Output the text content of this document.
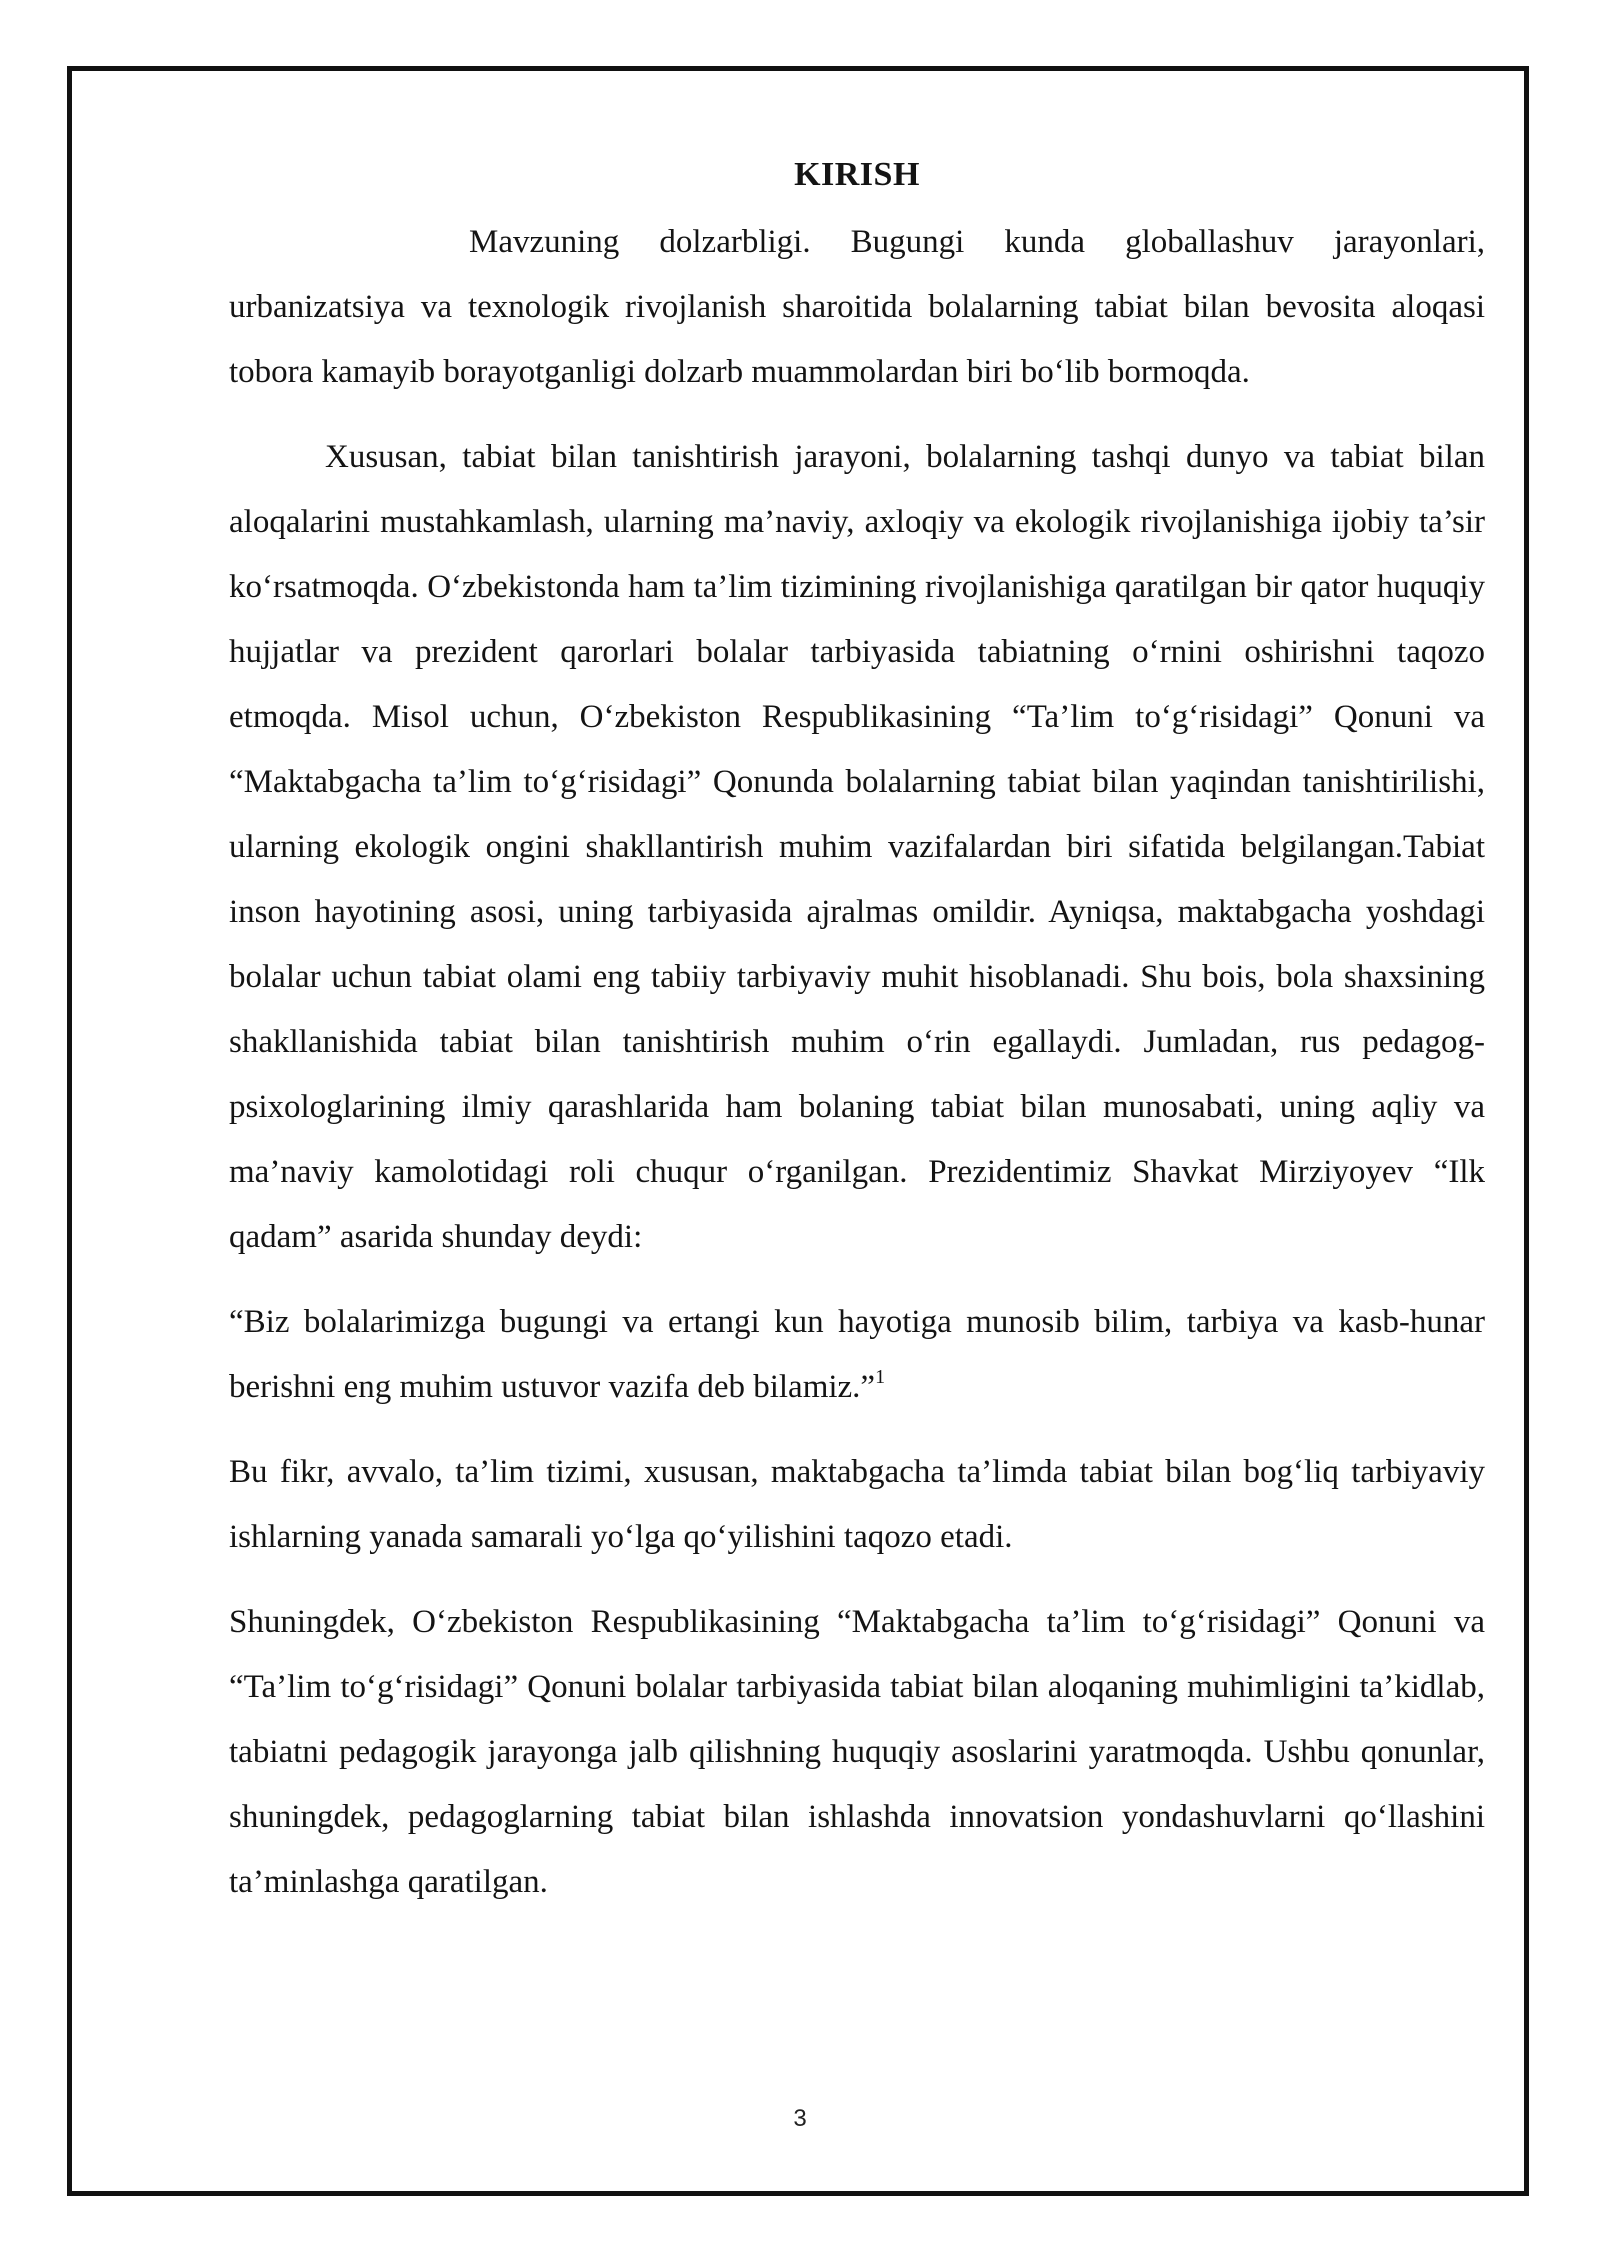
KIRISH

Mavzuning dolzarbligi. Bugungi kunda globallashuv jarayonlari, urbanizatsiya va texnologik rivojlanish sharoitida bolalarning tabiat bilan bevosita aloqasi tobora kamayib borayotganligi dolzarb muammolardan biri bo‘lib bormoqda.

Xususan, tabiat bilan tanishtirish jarayoni, bolalarning tashqi dunyo va tabiat bilan aloqalarini mustahkamlash, ularning ma’naviy, axloqiy va ekologik rivojlanishiga ijobiy ta’sir ko‘rsatmoqda. O‘zbekistonda ham ta’lim tizimining rivojlanishiga qaratilgan bir qator huquqiy hujjatlar va prezident qarorlari bolalar tarbiyasida tabiatning o‘rnini oshirishni taqozo etmoqda. Misol uchun, O‘zbekiston Respublikasining “Ta’lim to‘g‘risidagi” Qonuni va “Maktabgacha ta’lim to‘g‘risidagi” Qonunda bolalarning tabiat bilan yaqindan tanishtirilishi, ularning ekologik ongini shakllantirish muhim vazifalardan biri sifatida belgilangan.Tabiat inson hayotining asosi, uning tarbiyasida ajralmas omildir. Ayniqsa, maktabgacha yoshdagi bolalar uchun tabiat olami eng tabiiy tarbiyaviy muhit hisoblanadi. Shu bois, bola shaxsining shakllanishida tabiat bilan tanishtirish muhim o‘rin egallaydi. Jumladan, rus pedagog-psixologlarining ilmiy qarashlarida ham bolaning tabiat bilan munosabati, uning aqliy va ma’naviy kamolotidagi roli chuqur o‘rganilgan. Prezidentimiz Shavkat Mirziyoyev “Ilk qadam” asarida shunday deydi:

“Biz bolalarimizga bugungi va ertangi kun hayotiga munosib bilim, tarbiya va kasb-hunar berishni eng muhim ustuvor vazifa deb bilamiz.”$^1$

Bu fikr, avvalo, ta’lim tizimi, xususan, maktabgacha ta’limda tabiat bilan bog‘liq tarbiyaviy ishlarning yanada samarali yo‘lga qo‘yilishini taqozo etadi.

Shuningdek, O‘zbekiston Respublikasining “Maktabgacha ta’lim to‘g‘risidagi” Qonuni va “Ta’lim to‘g‘risidagi” Qonuni bolalar tarbiyasida tabiat bilan aloqaning muhimligini ta’kidlab, tabiatni pedagogik jarayonga jalb qilishning huquqiy asoslarini yaratmoqda. Ushbu qonunlar, shuningdek, pedagoglarning tabiat bilan ishlashda innovatsion yondashuvlarni qo‘llashini ta’minlashga qaratilgan.

3
